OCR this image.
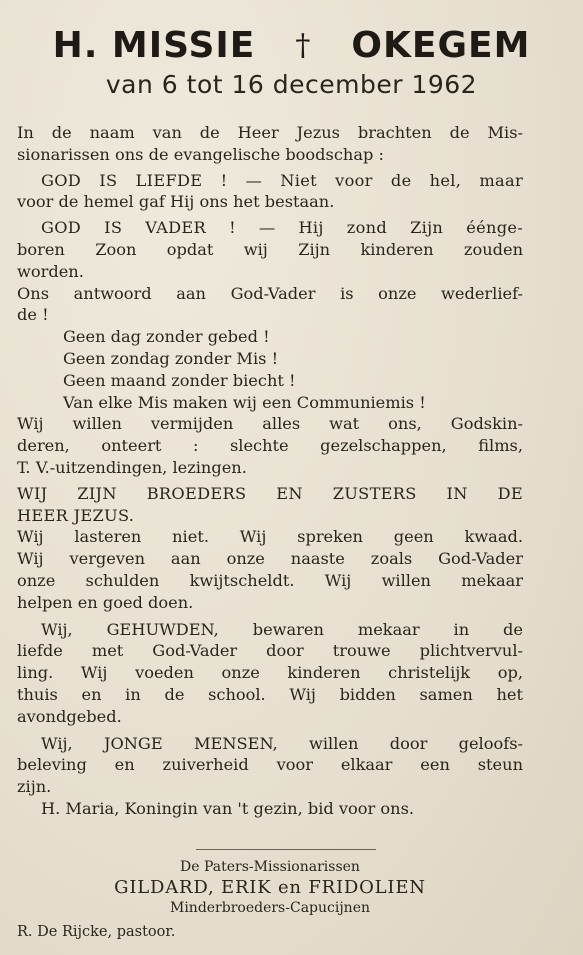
H. MISSIE † OKEGEM
van 6 tot 16 december 1962
In de naam van de Heer Jezus brachten de Mis-
sionarissen ons de evangelische boodschap :
GOD IS LIEFDE ! — Niet voor de hel, maar
voor de hemel gaf Hij ons het bestaan.
GOD IS VADER ! — Hij zond Zijn éénge-
boren Zoon opdat wij Zijn kinderen zouden
worden.
Ons antwoord aan God-Vader is onze wederlief-
de !
Geen dag zonder gebed !
Geen zondag zonder Mis !
Geen maand zonder biecht !
Van elke Mis maken wij een Communiemis !
Wij willen vermijden alles wat ons, Godskin-
deren, onteert : slechte gezelschappen, films,
T. V.-uitzendingen, lezingen.
WIJ ZIJN BROEDERS EN ZUSTERS IN DE
HEER JEZUS.
Wij lasteren niet. Wij spreken geen kwaad.
Wij vergeven aan onze naaste zoals God-Vader
onze schulden kwijtscheldt. Wij willen mekaar
helpen en goed doen.
Wij, GEHUWDEN, bewaren mekaar in de
liefde met God-Vader door trouwe plichtvervul-
ling. Wij voeden onze kinderen christelijk op,
thuis en in de school. Wij bidden samen het
avondgebed.
Wij, JONGE MENSEN, willen door geloofs-
beleving en zuiverheid voor elkaar een steun
zijn.
H. Maria, Koningin van 't gezin, bid voor ons.
De Paters-Missionarissen
GILDARD, ERIK en FRIDOLIEN
Minderbroeders-Capucijnen
R. De Rijcke, pastoor.
